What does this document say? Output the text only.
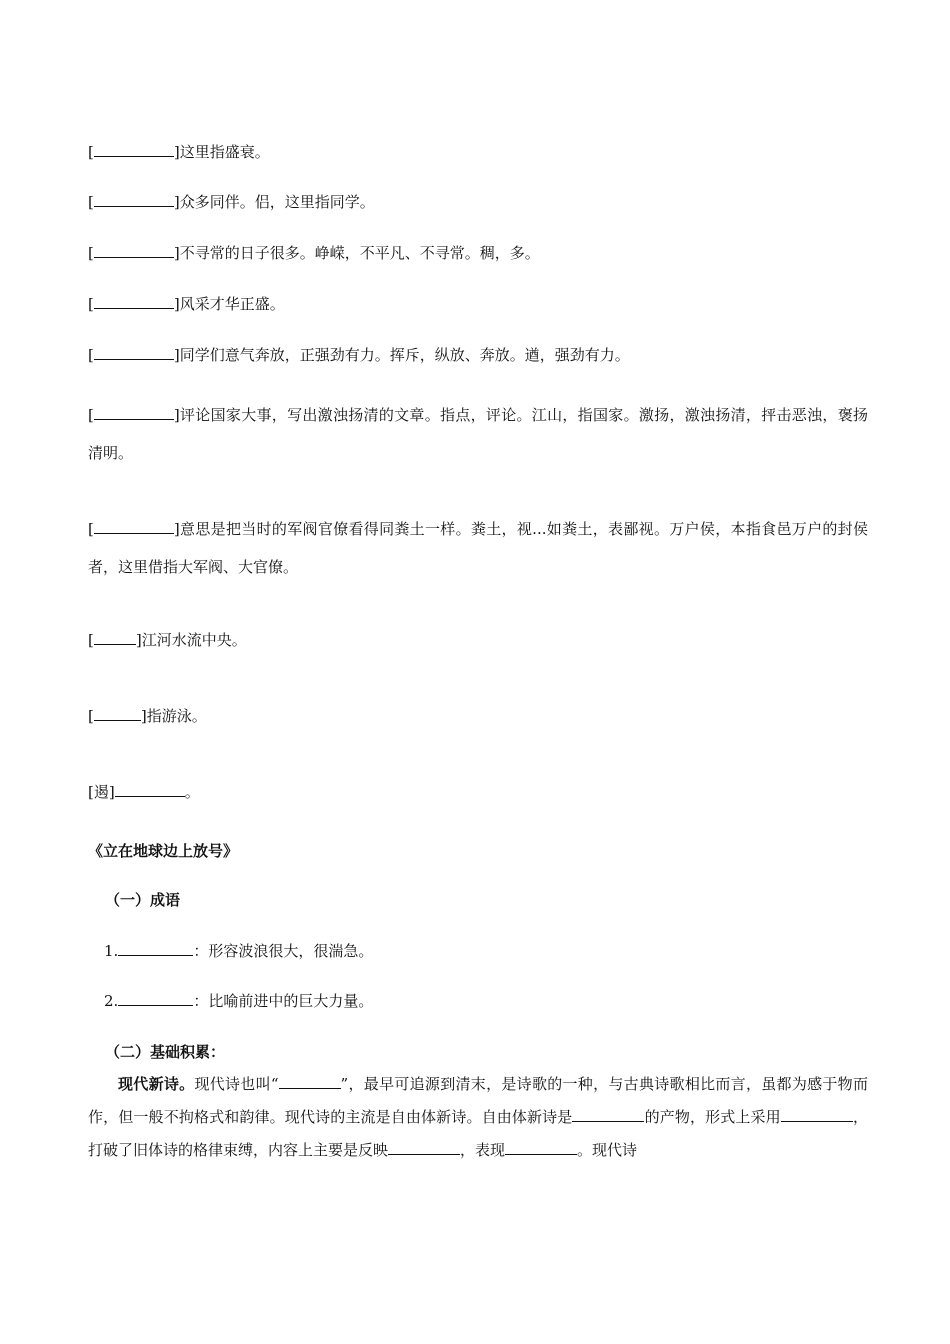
[	]这里指盛衰。
[	]众多同伴。侣，这里指同学。
[	]不寻常的日子很多。峥嵘，不平凡、不寻常。稠，多。
[	]风采才华正盛。
[	]同学们意气奔放，正强劲有力。挥斥，纵放、奔放。遒，强劲有力。
[	]评论国家大事，写出激浊扬清的文章。指点，评论。江山，指国家。激扬，激浊扬清，抨击恶浊，褒扬清明。
[	]意思是把当时的军阀官僚看得同粪土一样。粪土，视...如粪土，表鄙视。万户侯，本指食邑万户的封侯者，这里借指大军阀、大官僚。
[	]江河水流中央。
[	]指游泳。
[遏]	。
《立在地球边上放号》
（一）成语
1.	：形容波浪很大，很湍急。
2.	：比喻前进中的巨大力量。
（二）基础积累：
现代新诗。现代诗也叫“	”，最早可追源到清末，是诗歌的一种，与古典诗歌相比而言，虽都为感于物而作，但一般不拘格式和韵律。现代诗的主流是自由体新诗。自由体新诗是	的产物，形式上采用	，打破了旧体诗的格律束缚，内容上主要是反映	，表现	。现代诗
